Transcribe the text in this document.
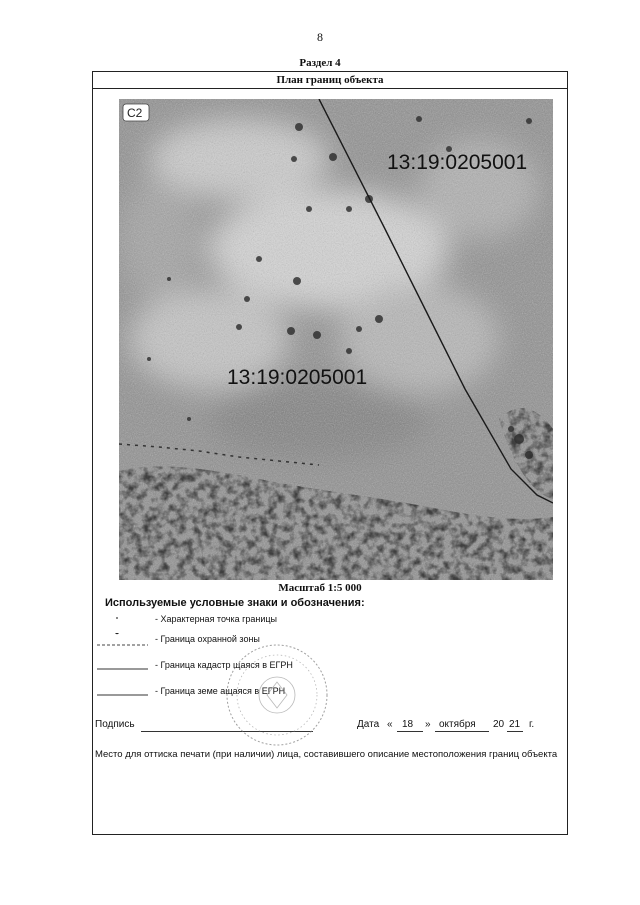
8
Раздел 4
План границ объекта
13:19:0205001
13:19:0205001
С2
Масштаб 1:5 000
Используемые условные знаки и обозначения:
- Характерная точка границы
- Граница охранной зоны
- Граница кадастр щаяся в ЕГРН
- Граница земе ащаяся в ЕГРН
Подпись	Дата « 18 » октября 20 21 г.
Место для оттиска печати (при наличии) лица, составившего описание местоположения границ объекта
